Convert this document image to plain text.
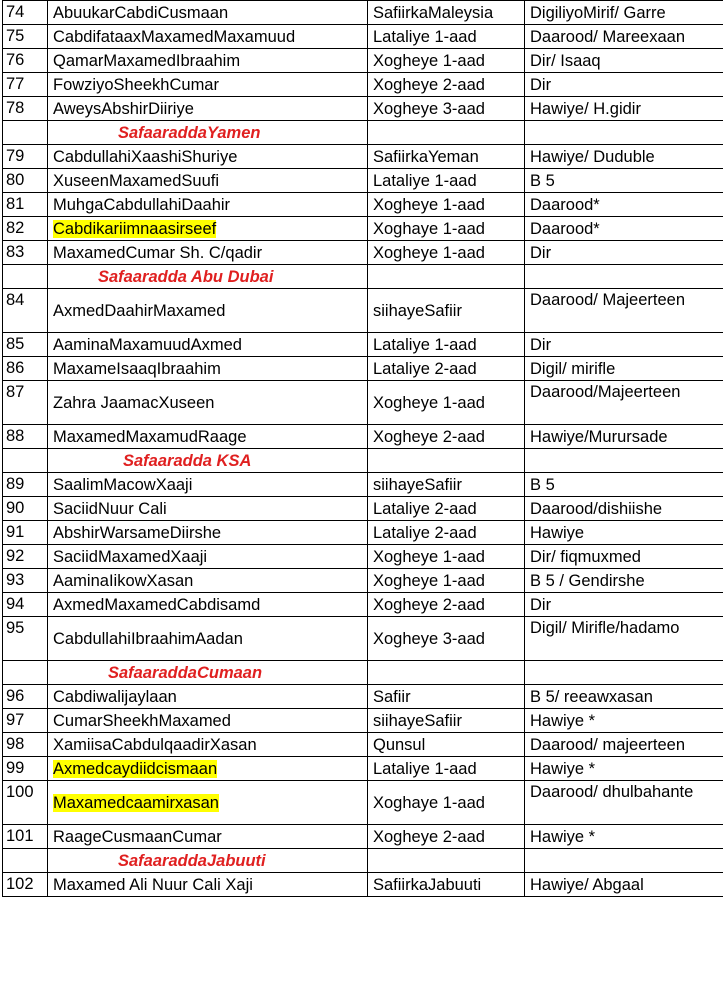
74	AbuukarCabdiCusmaan	SafiirkaMaleysia	DigiliyoMirif/ Garre
75	CabdifataaxMaxamedMaxamuud	Lataliye 1-aad	Daarood/ Mareexaan
76	QamarMaxamedIbraahim	Xogheye 1-aad	Dir/ Isaaq
77	FowziyoSheekhCumar	Xogheye 2-aad	Dir
78	AweysAbshirDiiriye	Xogheye 3-aad	Hawiye/ H.gidir
	SafaaraddaYamen		
79	CabdullahiXaashiShuriye	SafiirkaYeman	Hawiye/ Duduble
80	XuseenMaxamedSuufi	Lataliye 1-aad	B 5
81	MuhgaCabdullahiDaahir	Xogheye 1-aad	Daarood*
82	Cabdikariimnaasirseef	Xoghaye 1-aad	Daarood*
83	MaxamedCumar Sh. C/qadir	Xogheye 1-aad	Dir
	Safaaradda Abu Dubai		
84	AxmedDaahirMaxamed	siihayeSafiir	Daarood/ Majeerteen
85	AaminaMaxamuudAxmed	Lataliye 1-aad	Dir
86	MaxameIsaaqIbraahim	Lataliye 2-aad	Digil/ mirifle
87	Zahra JaamacXuseen	Xogheye 1-aad	Daarood/Majeerteen
88	MaxamedMaxamudRaage	Xogheye 2-aad	Hawiye/Murursade
	Safaaradda KSA		
89	SaalimMacowXaaji	siihayeSafiir	B 5
90	SaciidNuur Cali	Lataliye 2-aad	Daarood/dishiishe
91	AbshirWarsameDiirshe	Lataliye 2-aad	Hawiye
92	SaciidMaxamedXaaji	Xogheye 1-aad	Dir/ fiqmuxmed
93	AaminaIikowXasan	Xogheye 1-aad	B 5 / Gendirshe
94	AxmedMaxamedCabdisamd	Xogheye 2-aad	Dir
95	CabdullahiIbraahimAadan	Xogheye 3-aad	Digil/ Mirifle/hadamo
	SafaaraddaCumaan		
96	Cabdiwalijaylaan	Safiir	B 5/ reeawxasan
97	CumarSheekhMaxamed	siihayeSafiir	Hawiye *
98	XamiisaCabdulqaadirXasan	Qunsul	Daarood/ majeerteen
99	Axmedcaydiidcismaan	Lataliye 1-aad	Hawiye *
100	Maxamedcaamirxasan	Xoghaye 1-aad	Daarood/ dhulbahante
101	RaageCusmaanCumar	Xogheye 2-aad	Hawiye *
	SafaaraddaJabuuti		
102	Maxamed Ali Nuur Cali Xaji	SafiirkaJabuuti	Hawiye/ Abgaal
